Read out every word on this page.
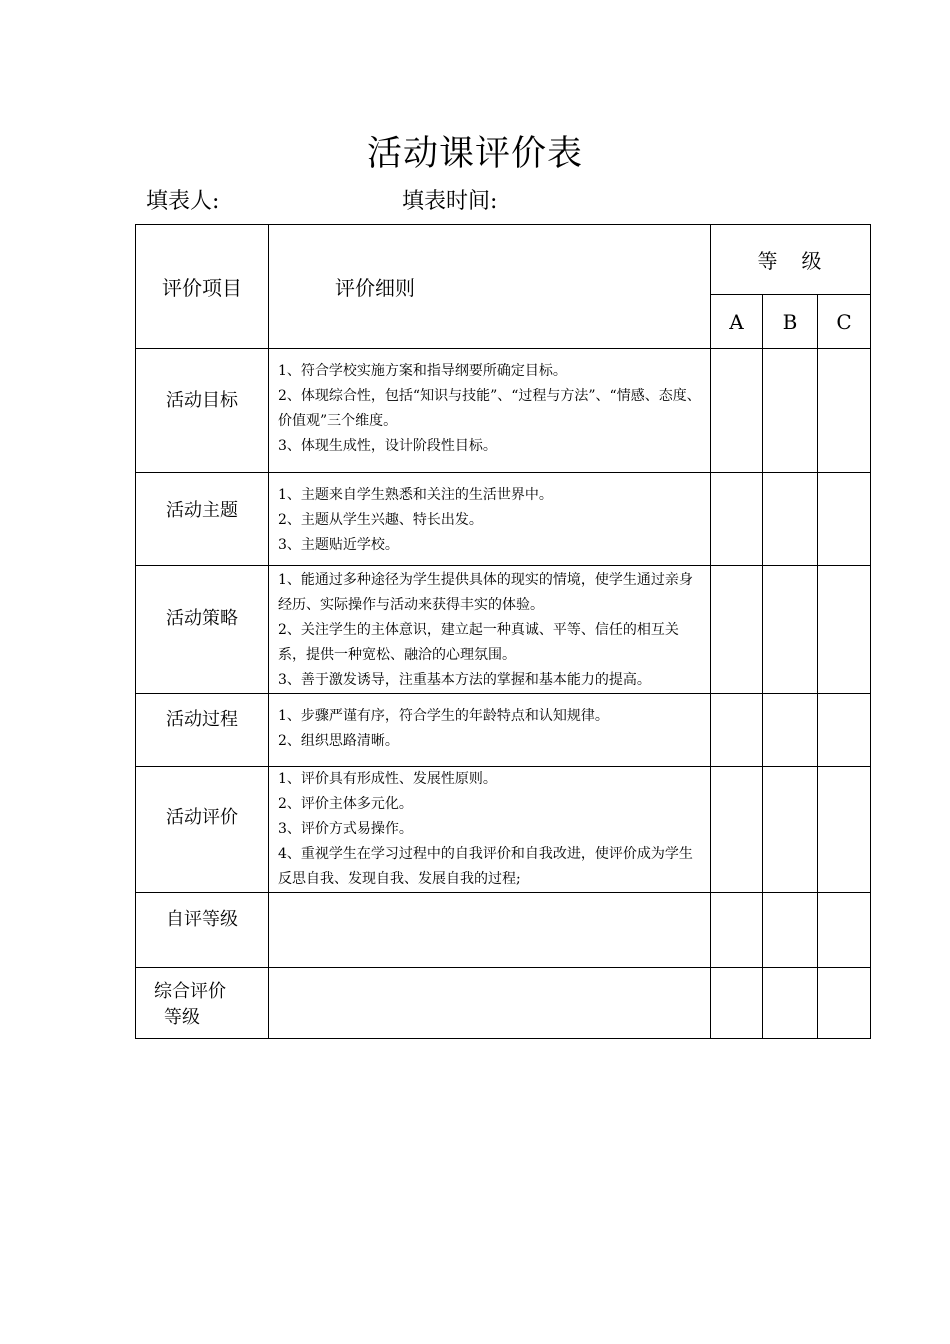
活动课评价表
填表人:	填表时间:
评价项目	评价细则	等　级		
		A	B	C

活动目标	1、符合学校实施方案和指导纲要所确定目标。
2、体现综合性，包括“知识与技能”、“过程与方法”、“情感、态度、价值观”三个维度。
3、体现生成性，设计阶段性目标。			

活动主题	1、主题来自学生熟悉和关注的生活世界中。
2、主题从学生兴趣、特长出发。
3、主题贴近学校。			

活动策略	1、能通过多种途径为学生提供具体的现实的情境，使学生通过亲身经历、实际操作与活动来获得丰实的体验。
2、关注学生的主体意识，建立起一种真诚、平等、信任的相互关系，提供一种宽松、融洽的心理氛围。
3、善于激发诱导，注重基本方法的掌握和基本能力的提高。			

活动过程	1、步骤严谨有序，符合学生的年龄特点和认知规律。
2、组织思路清晰。			

活动评价	1、评价具有形成性、发展性原则。
2、评价主体多元化。
3、评价方式易操作。
4、重视学生在学习过程中的自我评价和自我改进，使评价成为学生反思自我、发现自我、发展自我的过程;			

自评等级				

综合评价
等级				
